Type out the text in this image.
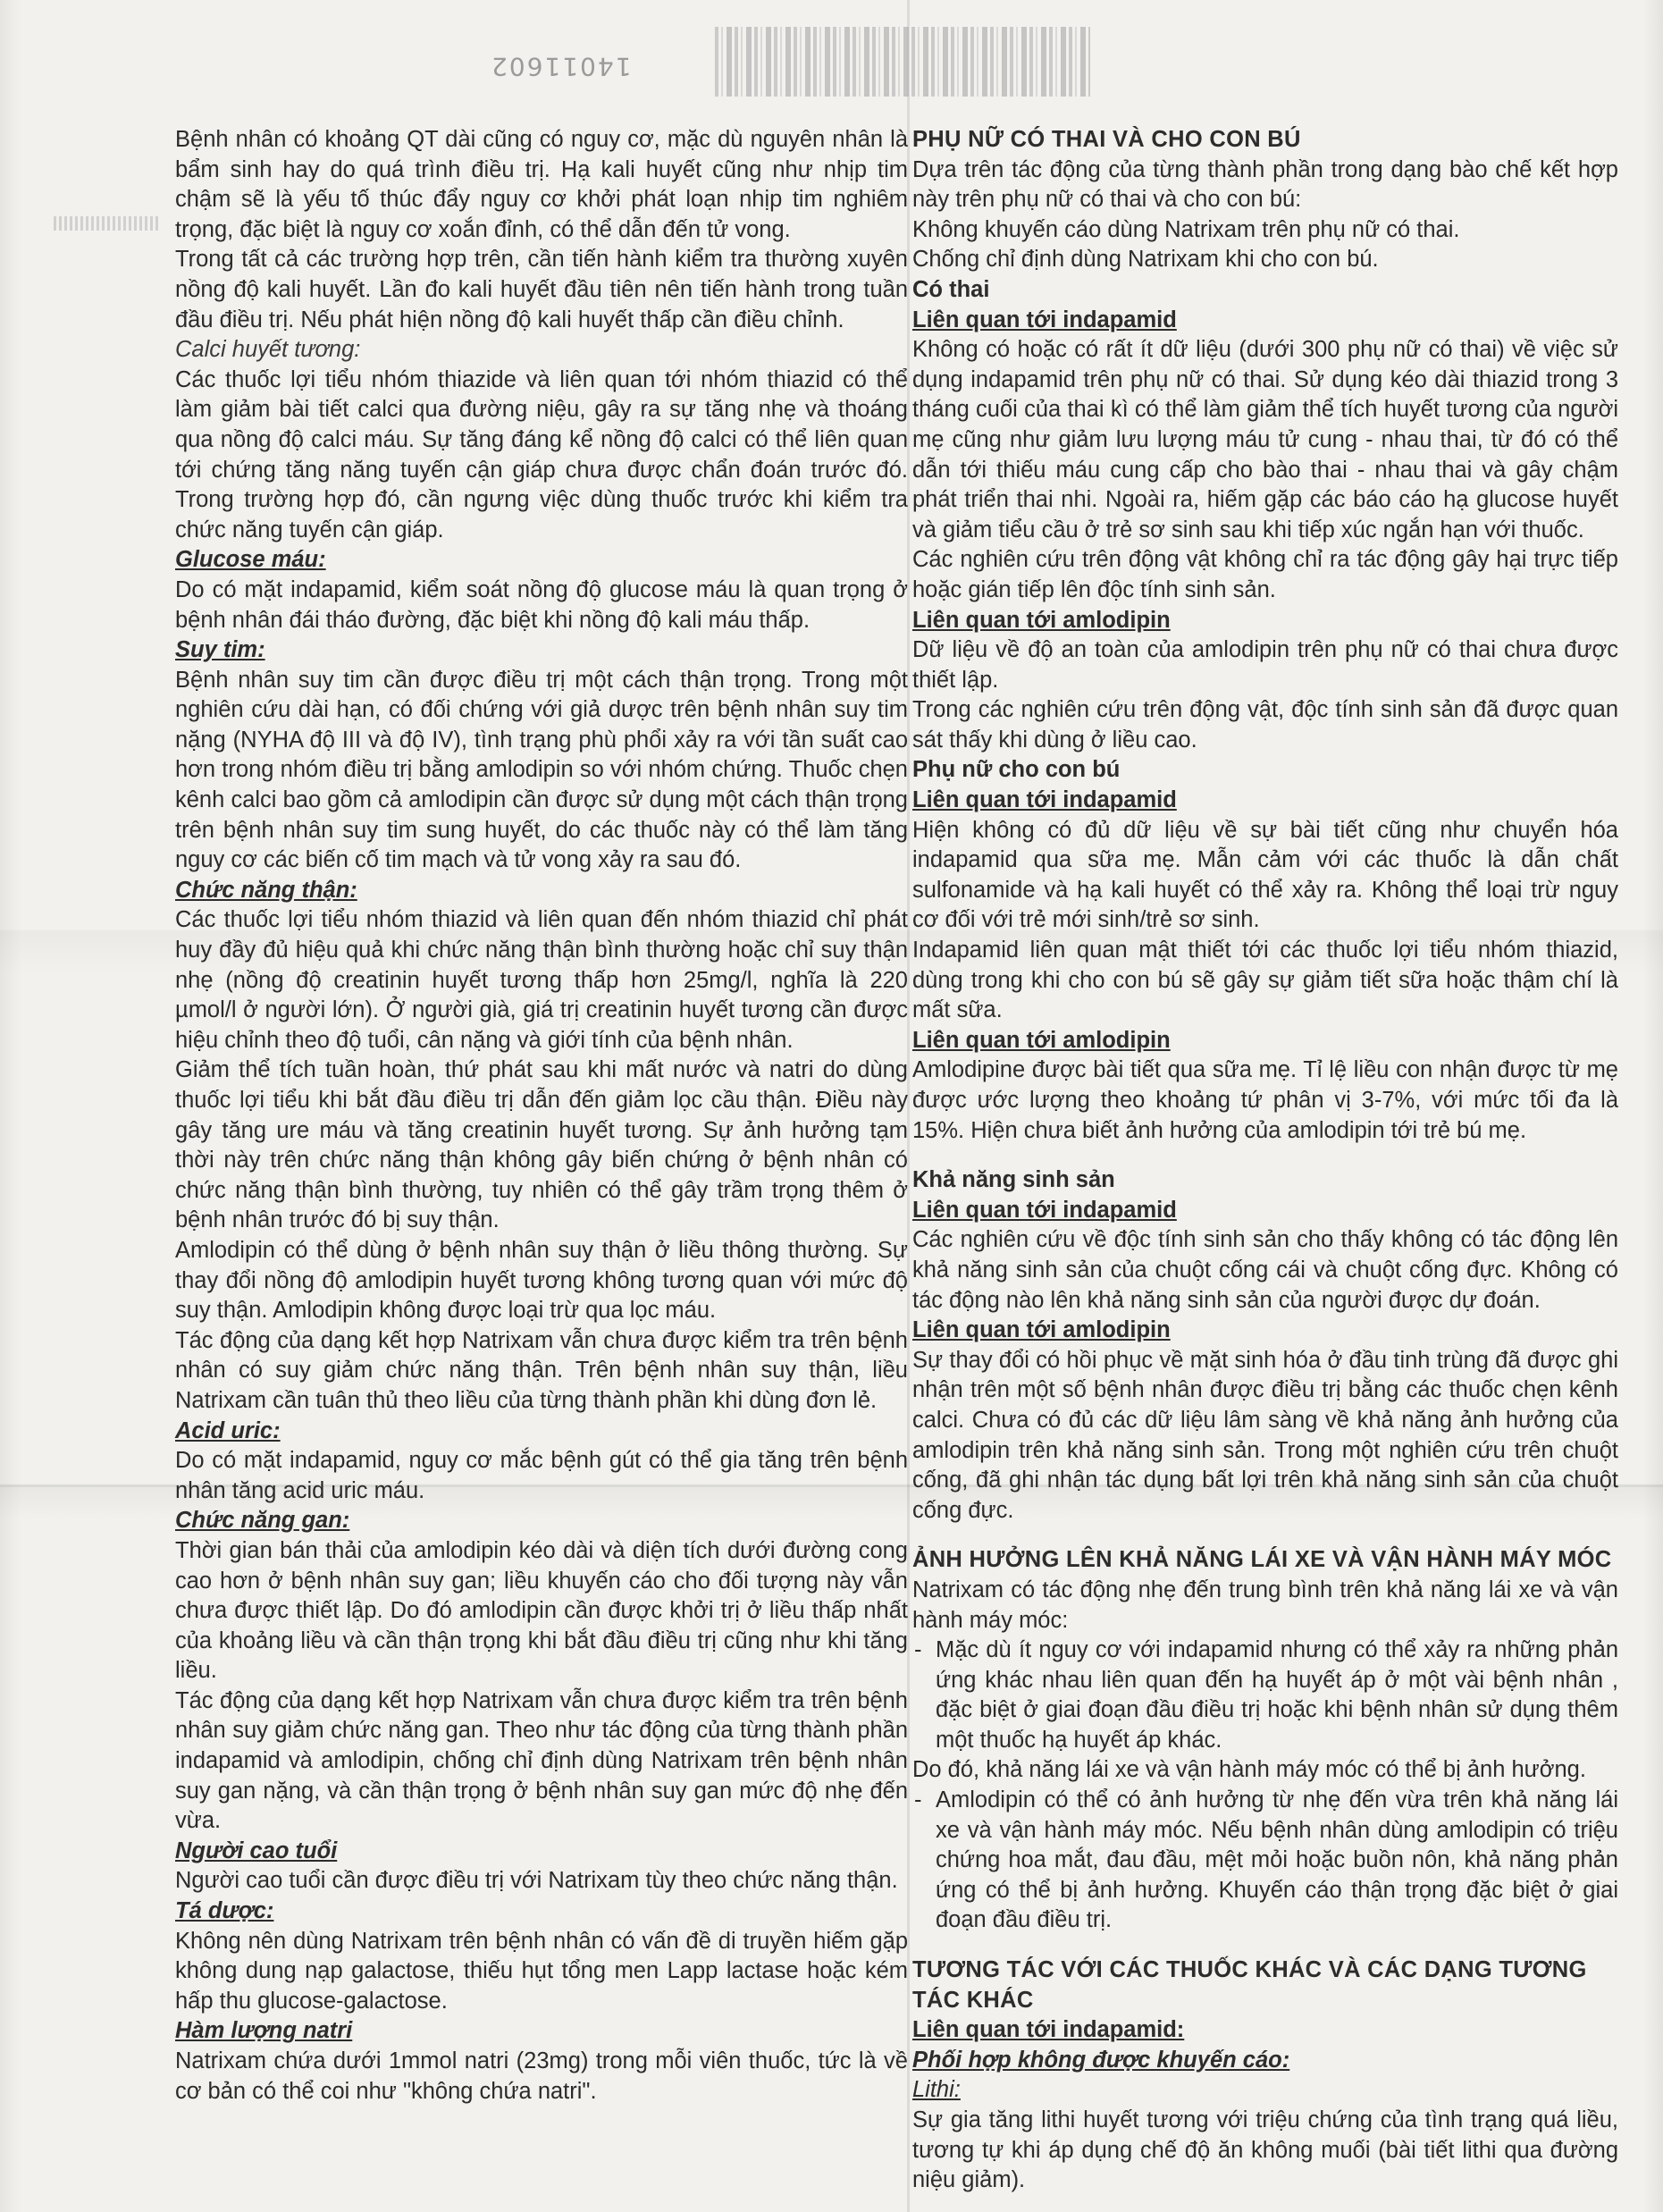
14011602

Bệnh nhân có khoảng QT dài cũng có nguy cơ, mặc dù nguyên nhân là bẩm sinh hay do quá trình điều trị. Hạ kali huyết cũng như nhịp tim chậm sẽ là yếu tố thúc đẩy nguy cơ khởi phát loạn nhịp tim nghiêm trọng, đặc biệt là nguy cơ xoắn đỉnh, có thể dẫn đến tử vong.

Trong tất cả các trường hợp trên, cần tiến hành kiểm tra thường xuyên nồng độ kali huyết. Lần đo kali huyết đầu tiên nên tiến hành trong tuần đầu điều trị. Nếu phát hiện nồng độ kali huyết thấp cần điều chỉnh.

Calci huyết tương:

Các thuốc lợi tiểu nhóm thiazide và liên quan tới nhóm thiazid có thể làm giảm bài tiết calci qua đường niệu, gây ra sự tăng nhẹ và thoáng qua nồng độ calci máu. Sự tăng đáng kể nồng độ calci có thể liên quan tới chứng tăng năng tuyến cận giáp chưa được chẩn đoán trước đó. Trong trường hợp đó, cần ngưng việc dùng thuốc trước khi kiểm tra chức năng tuyến cận giáp.

Glucose máu:

Do có mặt indapamid, kiểm soát nồng độ glucose máu là quan trọng ở bệnh nhân đái tháo đường, đặc biệt khi nồng độ kali máu thấp.

Suy tim:

Bệnh nhân suy tim cần được điều trị một cách thận trọng. Trong một nghiên cứu dài hạn, có đối chứng với giả dược trên bệnh nhân suy tim nặng (NYHA độ III và độ IV), tình trạng phù phổi xảy ra với tần suất cao hơn trong nhóm điều trị bằng amlodipin so với nhóm chứng. Thuốc chẹn kênh calci bao gồm cả amlodipin cần được sử dụng một cách thận trọng trên bệnh nhân suy tim sung huyết, do các thuốc này có thể làm tăng nguy cơ các biến cố tim mạch và tử vong xảy ra sau đó.

Chức năng thận:

Các thuốc lợi tiểu nhóm thiazid và liên quan đến nhóm thiazid chỉ phát huy đầy đủ hiệu quả khi chức năng thận bình thường hoặc chỉ suy thận nhẹ (nồng độ creatinin huyết tương thấp hơn 25mg/l, nghĩa là 220 µmol/l ở người lớn). Ở người già, giá trị creatinin huyết tương cần được hiệu chỉnh theo độ tuổi, cân nặng và giới tính của bệnh nhân.

Giảm thể tích tuần hoàn, thứ phát sau khi mất nước và natri do dùng thuốc lợi tiểu khi bắt đầu điều trị dẫn đến giảm lọc cầu thận. Điều này gây tăng ure máu và tăng creatinin huyết tương. Sự ảnh hưởng tạm thời này trên chức năng thận không gây biến chứng ở bệnh nhân có chức năng thận bình thường, tuy nhiên có thể gây trầm trọng thêm ở bệnh nhân trước đó bị suy thận.

Amlodipin có thể dùng ở bệnh nhân suy thận ở liều thông thường. Sự thay đổi nồng độ amlodipin huyết tương không tương quan với mức độ suy thận. Amlodipin không được loại trừ qua lọc máu.

Tác động của dạng kết hợp Natrixam vẫn chưa được kiểm tra trên bệnh nhân có suy giảm chức năng thận. Trên bệnh nhân suy thận, liều Natrixam cần tuân thủ theo liều của từng thành phần khi dùng đơn lẻ.

Acid uric:

Do có mặt indapamid, nguy cơ mắc bệnh gút có thể gia tăng trên bệnh nhân tăng acid uric máu.

Chức năng gan:

Thời gian bán thải của amlodipin kéo dài và diện tích dưới đường cong cao hơn ở bệnh nhân suy gan; liều khuyến cáo cho đối tượng này vẫn chưa được thiết lập. Do đó amlodipin cần được khởi trị ở liều thấp nhất của khoảng liều và cần thận trọng khi bắt đầu điều trị cũng như khi tăng liều.

Tác động của dạng kết hợp Natrixam vẫn chưa được kiểm tra trên bệnh nhân suy giảm chức năng gan. Theo như tác động của từng thành phần indapamid và amlodipin, chống chỉ định dùng Natrixam trên bệnh nhân suy gan nặng, và cần thận trọng ở bệnh nhân suy gan mức độ nhẹ đến vừa.

Người cao tuổi

Người cao tuổi cần được điều trị với Natrixam tùy theo chức năng thận.

Tá dược:

Không nên dùng Natrixam trên bệnh nhân có vấn đề di truyền hiếm gặp không dung nạp galactose, thiếu hụt tổng men Lapp lactase hoặc kém hấp thu glucose-galactose.

Hàm lượng natri

Natrixam chứa dưới 1mmol natri (23mg) trong mỗi viên thuốc, tức là về cơ bản có thể coi như "không chứa natri".

PHỤ NỮ CÓ THAI VÀ CHO CON BÚ

Dựa trên tác động của từng thành phần trong dạng bào chế kết hợp này trên phụ nữ có thai và cho con bú:

Không khuyến cáo dùng Natrixam trên phụ nữ có thai.

Chống chỉ định dùng Natrixam khi cho con bú.

Có thai

Liên quan tới indapamid

Không có hoặc có rất ít dữ liệu (dưới 300 phụ nữ có thai) về việc sử dụng indapamid trên phụ nữ có thai. Sử dụng kéo dài thiazid trong 3 tháng cuối của thai kì có thể làm giảm thể tích huyết tương của người mẹ cũng như giảm lưu lượng máu tử cung - nhau thai, từ đó có thể dẫn tới thiếu máu cung cấp cho bào thai - nhau thai và gây chậm phát triển thai nhi. Ngoài ra, hiếm gặp các báo cáo hạ glucose huyết và giảm tiểu cầu ở trẻ sơ sinh sau khi tiếp xúc ngắn hạn với thuốc.

Các nghiên cứu trên động vật không chỉ ra tác động gây hại trực tiếp hoặc gián tiếp lên độc tính sinh sản.

Liên quan tới amlodipin

Dữ liệu về độ an toàn của amlodipin trên phụ nữ có thai chưa được thiết lập.

Trong các nghiên cứu trên động vật, độc tính sinh sản đã được quan sát thấy khi dùng ở liều cao.

Phụ nữ cho con bú

Liên quan tới indapamid

Hiện không có đủ dữ liệu về sự bài tiết cũng như chuyển hóa indapamid qua sữa mẹ. Mẫn cảm với các thuốc là dẫn chất sulfonamide và hạ kali huyết có thể xảy ra. Không thể loại trừ nguy cơ đối với trẻ mới sinh/trẻ sơ sinh.

Indapamid liên quan mật thiết tới các thuốc lợi tiểu nhóm thiazid, dùng trong khi cho con bú sẽ gây sự giảm tiết sữa hoặc thậm chí là mất sữa.

Liên quan tới amlodipin

Amlodipine được bài tiết qua sữa mẹ. Tỉ lệ liều con nhận được từ mẹ được ước lượng theo khoảng tứ phân vị 3-7%, với mức tối đa là 15%. Hiện chưa biết ảnh hưởng của amlodipin tới trẻ bú mẹ.

Khả năng sinh sản

Liên quan tới indapamid

Các nghiên cứu về độc tính sinh sản cho thấy không có tác động lên khả năng sinh sản của chuột cống cái và chuột cống đực. Không có tác động nào lên khả năng sinh sản của người được dự đoán.

Liên quan tới amlodipin

Sự thay đổi có hồi phục về mặt sinh hóa ở đầu tinh trùng đã được ghi nhận trên một số bệnh nhân được điều trị bằng các thuốc chẹn kênh calci. Chưa có đủ các dữ liệu lâm sàng về khả năng ảnh hưởng của amlodipin trên khả năng sinh sản. Trong một nghiên cứu trên chuột cống, đã ghi nhận tác dụng bất lợi trên khả năng sinh sản của chuột cống đực.

ẢNH HƯỞNG LÊN KHẢ NĂNG LÁI XE VÀ VẬN HÀNH MÁY MÓC

Natrixam có tác động nhẹ đến trung bình trên khả năng lái xe và vận hành máy móc:

- Mặc dù ít nguy cơ với indapamid nhưng có thể xảy ra những phản ứng khác nhau liên quan đến hạ huyết áp ở một vài bệnh nhân , đặc biệt ở giai đoạn đầu điều trị hoặc khi bệnh nhân sử dụng thêm một thuốc hạ huyết áp khác.

Do đó, khả năng lái xe và vận hành máy móc có thể bị ảnh hưởng.

- Amlodipin có thể có ảnh hưởng từ nhẹ đến vừa trên khả năng lái xe và vận hành máy móc. Nếu bệnh nhân dùng amlodipin có triệu chứng hoa mắt, đau đầu, mệt mỏi hoặc buồn nôn, khả năng phản ứng có thể bị ảnh hưởng. Khuyến cáo thận trọng đặc biệt ở giai đoạn đầu điều trị.

TƯƠNG TÁC VỚI CÁC THUỐC KHÁC VÀ CÁC DẠNG TƯƠNG TÁC KHÁC

Liên quan tới indapamid:

Phối hợp không được khuyến cáo:

Lithi:

Sự gia tăng lithi huyết tương với triệu chứng của tình trạng quá liều, tương tự khi áp dụng chế độ ăn không muối (bài tiết lithi qua đường niệu giảm).
